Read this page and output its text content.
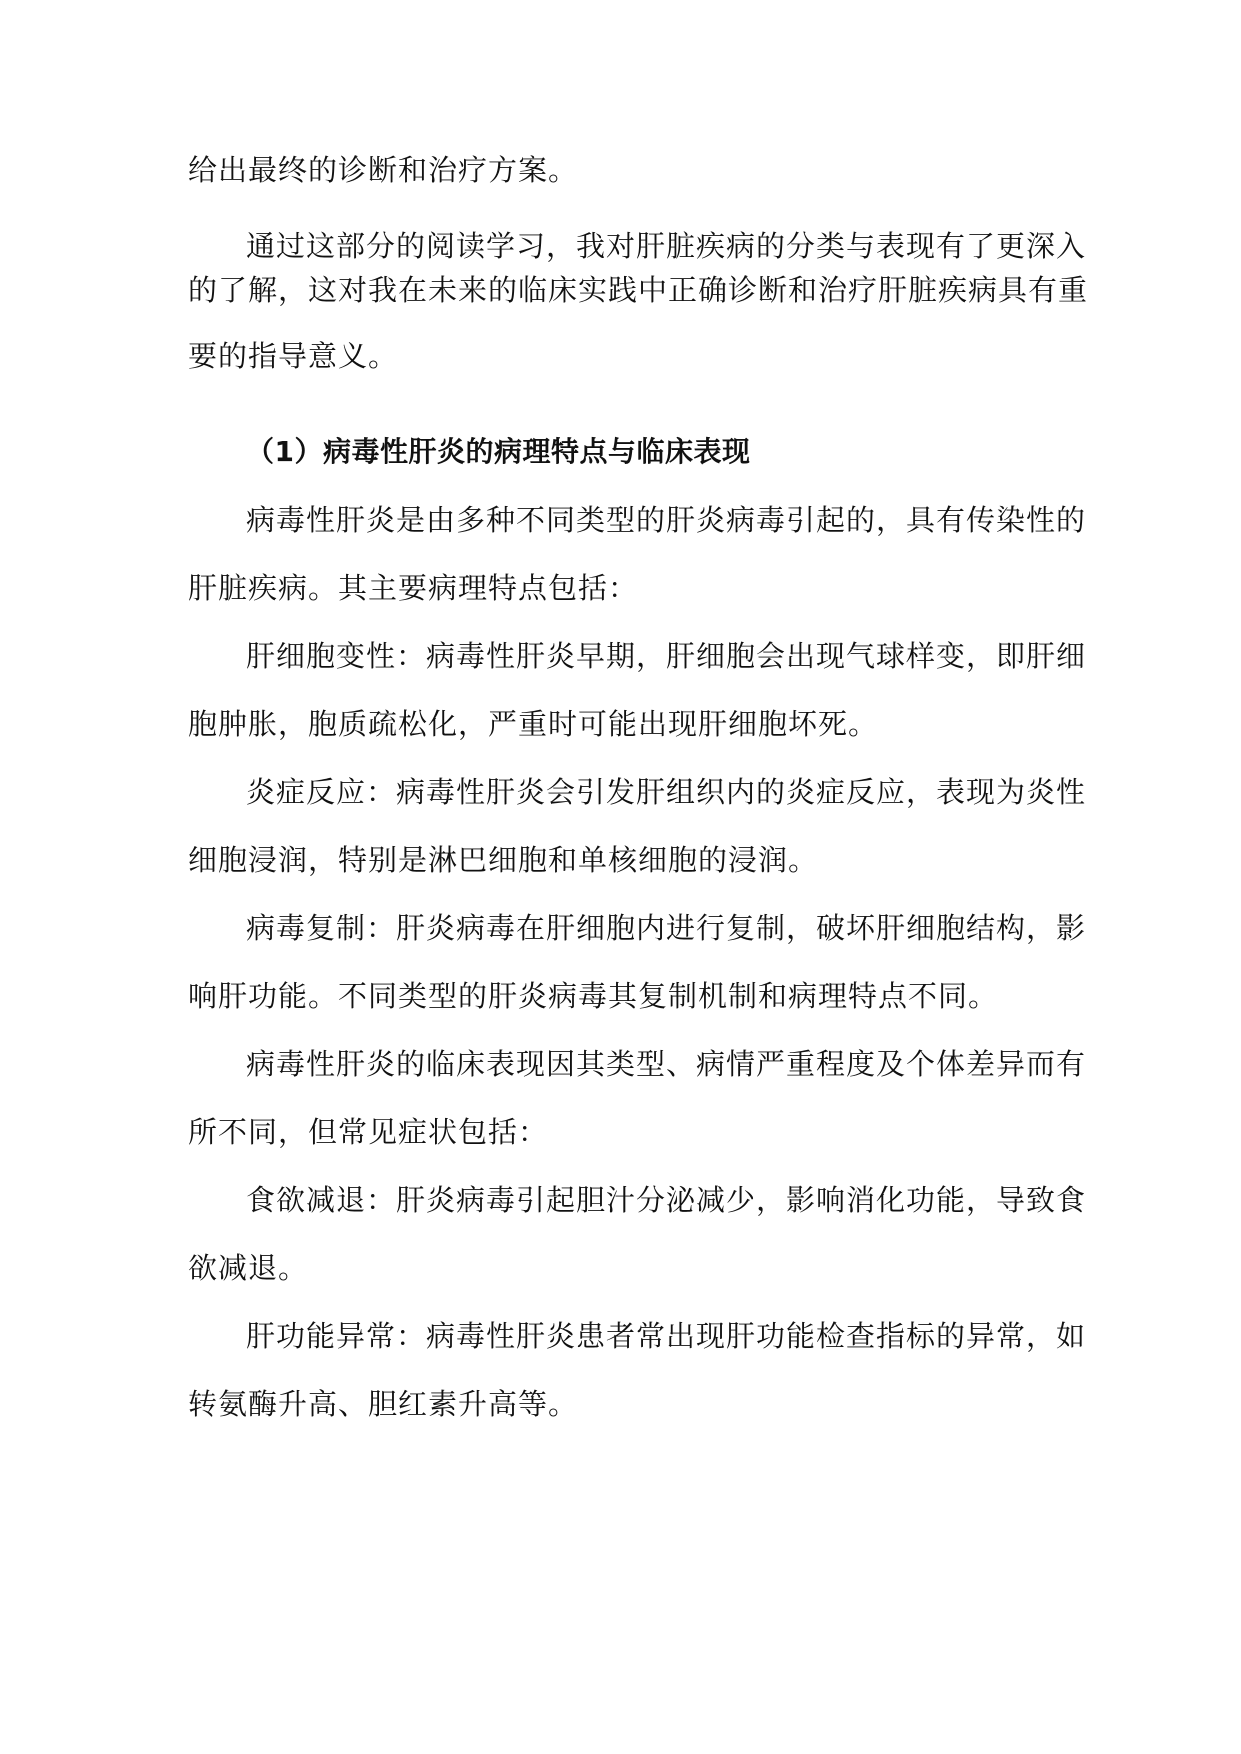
给出最终的诊断和治疗方案。
通过这部分的阅读学习，我对肝脏疾病的分类与表现有了更深入
的了解，这对我在未来的临床实践中正确诊断和治疗肝脏疾病具有重
要的指导意义。
（1）病毒性肝炎的病理特点与临床表现
病毒性肝炎是由多种不同类型的肝炎病毒引起的，具有传染性的
肝脏疾病。其主要病理特点包括：
肝细胞变性：病毒性肝炎早期，肝细胞会出现气球样变，即肝细
胞肿胀，胞质疏松化，严重时可能出现肝细胞坏死。
炎症反应：病毒性肝炎会引发肝组织内的炎症反应，表现为炎性
细胞浸润，特别是淋巴细胞和单核细胞的浸润。
病毒复制：肝炎病毒在肝细胞内进行复制，破坏肝细胞结构，影
响肝功能。不同类型的肝炎病毒其复制机制和病理特点不同。
病毒性肝炎的临床表现因其类型、病情严重程度及个体差异而有
所不同，但常见症状包括：
食欲减退：肝炎病毒引起胆汁分泌减少，影响消化功能，导致食
欲减退。
肝功能异常：病毒性肝炎患者常出现肝功能检查指标的异常，如
转氨酶升高、胆红素升高等。
